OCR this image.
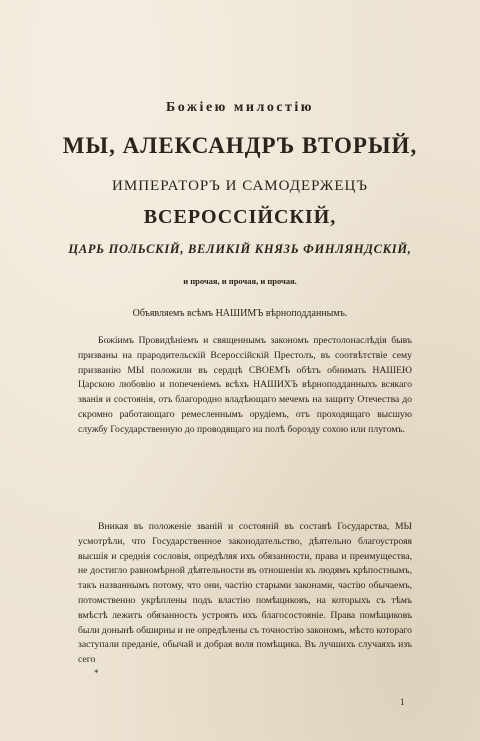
Божіею милостію
МЫ, АЛЕКСАНДРЪ ВТОРЫЙ,
ИМПЕРАТОРЪ И САМОДЕРЖЕЦЪ
ВСЕРОССІЙСКІЙ,
ЦАРЬ ПОЛЬСКІЙ, ВЕЛИКІЙ КНЯЗЬ ФИНЛЯНДСКІЙ,
и прочая, и прочая, и прочая.
Объявляемъ всѣмъ НАШИМЪ вѣрноподданнымъ.

Божіимъ Провидѣніемъ и священнымъ закономъ престолонаслѣдія бывъ призваны на прародительскій Всероссійскій Престолъ, въ соотвѣтствіе сему призванію МЫ положили въ сердцѣ СВОЕМЪ обѣтъ обнимать НАШЕЮ Царскою любовію и попеченіемъ всѣхъ НАШИХЪ вѣрноподданныхъ всякаго званія и состоянія, отъ благородно владѣющаго мечемъ на защиту Отечества до скромно работающаго ремесленнымъ орудіемъ, отъ проходящаго высшую службу Государственную до проводящаго на полѣ борозду сохою или плугомъ.

Вникая въ положеніе званій и состояній въ составѣ Государства, МЫ усмотрѣли, что Государственное законодательство, дѣятельно благоустрояя высшія и среднія сословія, опредѣляя ихъ обязанности, права и преимущества, не достигло равномѣрной дѣятельности въ отношеніи къ людямъ крѣпостнымъ, такъ названнымъ потому, что они, частію старыми законами, частію обычаемъ, потомственно укрѣплены подъ властію помѣщиковъ, на которыхъ съ тѣмъ вмѣстѣ лежитъ обязанность устроять ихъ благосостояніе. Права помѣщиковъ были донынѣ обширны и не опредѣлены съ точностію закономъ, мѣсто котораго заступали преданіе, обычай и добрая воля помѣщика. Въ лучшихъ случаяхъ изъ сего

*
1
